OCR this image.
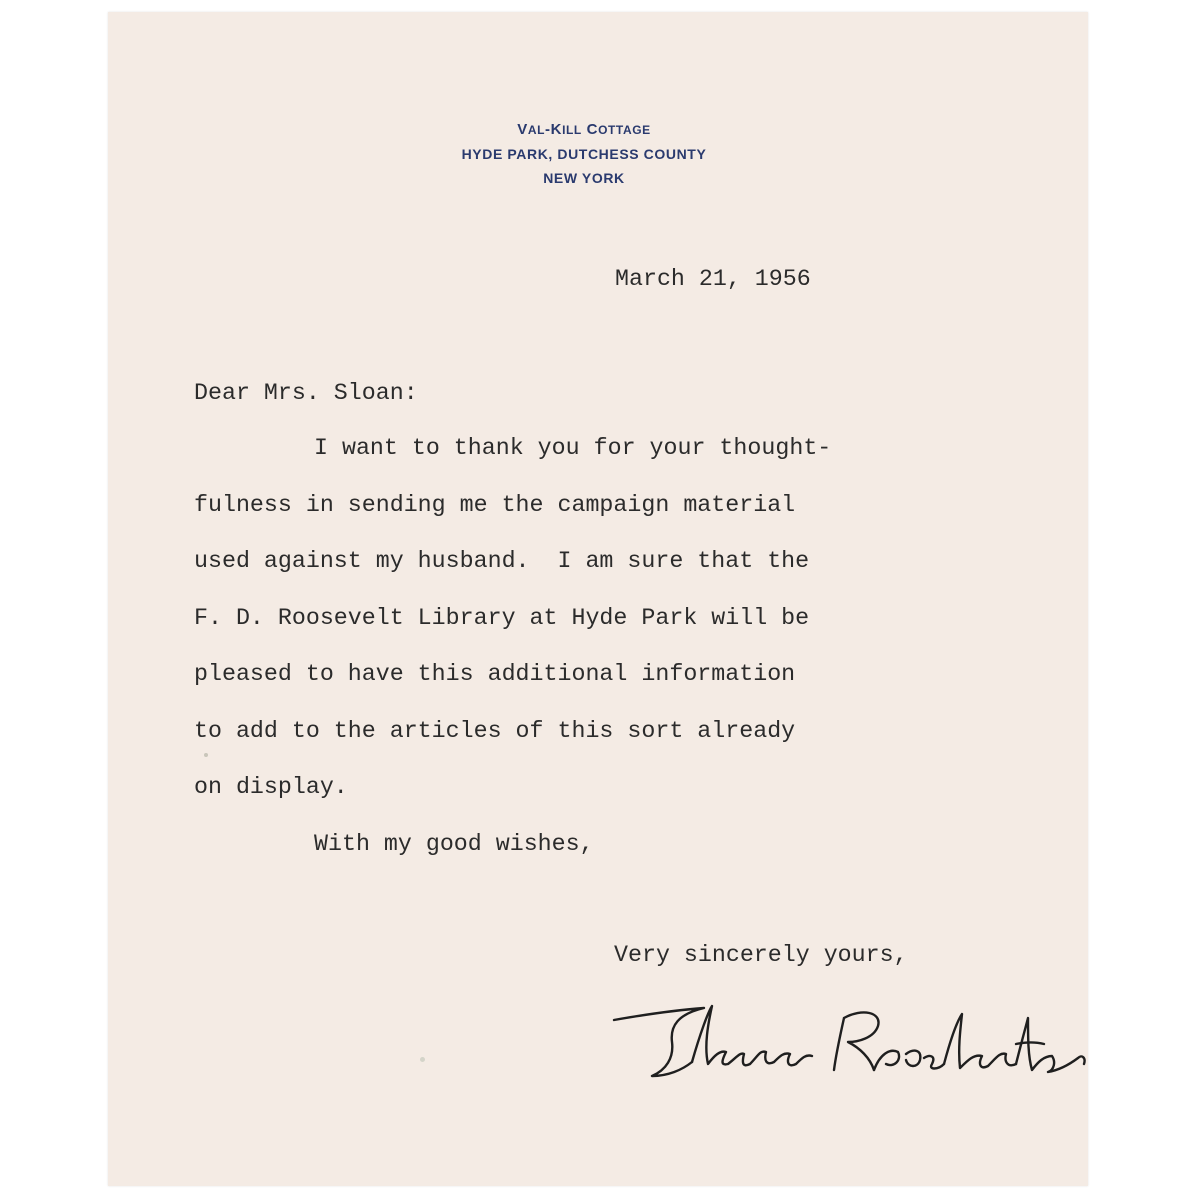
VAL-KILL COTTAGE
HYDE PARK, DUTCHESS COUNTY
NEW YORK
March 21, 1956
Dear Mrs. Sloan:
I want to thank you for your thought-
fulness in sending me the campaign material
used against my husband.  I am sure that the
F. D. Roosevelt Library at Hyde Park will be
pleased to have this additional information
to add to the articles of this sort already
on display.
With my good wishes,
Very sincerely yours,
